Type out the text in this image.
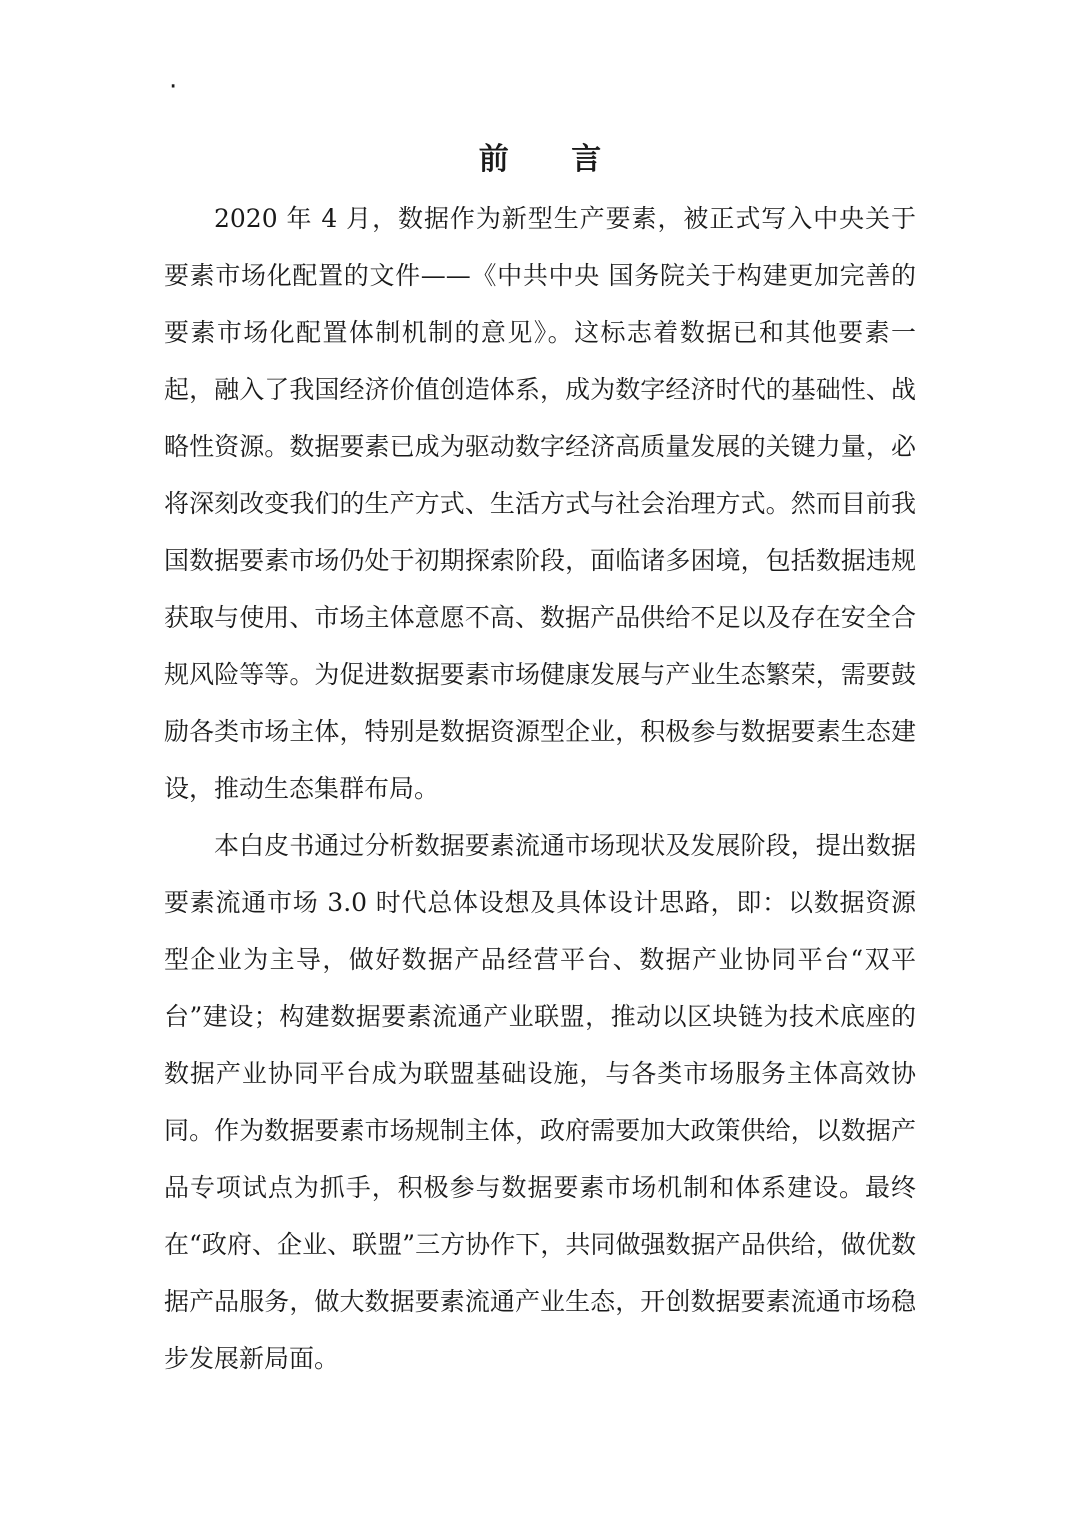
·
前 言

2020 年 4 月，数据作为新型生产要素，被正式写入中央关于要素市场化配置的文件——《中共中央 国务院关于构建更加完善的要素市场化配置体制机制的意见》。这标志着数据已和其他要素一起，融入了我国经济价值创造体系，成为数字经济时代的基础性、战略性资源。数据要素已成为驱动数字经济高质量发展的关键力量，必将深刻改变我们的生产方式、生活方式与社会治理方式。然而目前我国数据要素市场仍处于初期探索阶段，面临诸多困境，包括数据违规获取与使用、市场主体意愿不高、数据产品供给不足以及存在安全合规风险等等。为促进数据要素市场健康发展与产业生态繁荣，需要鼓励各类市场主体，特别是数据资源型企业，积极参与数据要素生态建设，推动生态集群布局。

本白皮书通过分析数据要素流通市场现状及发展阶段，提出数据要素流通市场 3.0 时代总体设想及具体设计思路，即：以数据资源型企业为主导，做好数据产品经营平台、数据产业协同平台“双平台”建设；构建数据要素流通产业联盟，推动以区块链为技术底座的数据产业协同平台成为联盟基础设施，与各类市场服务主体高效协同。作为数据要素市场规制主体，政府需要加大政策供给，以数据产品专项试点为抓手，积极参与数据要素市场机制和体系建设。最终在“政府、企业、联盟”三方协作下，共同做强数据产品供给，做优数据产品服务，做大数据要素流通产业生态，开创数据要素流通市场稳步发展新局面。
